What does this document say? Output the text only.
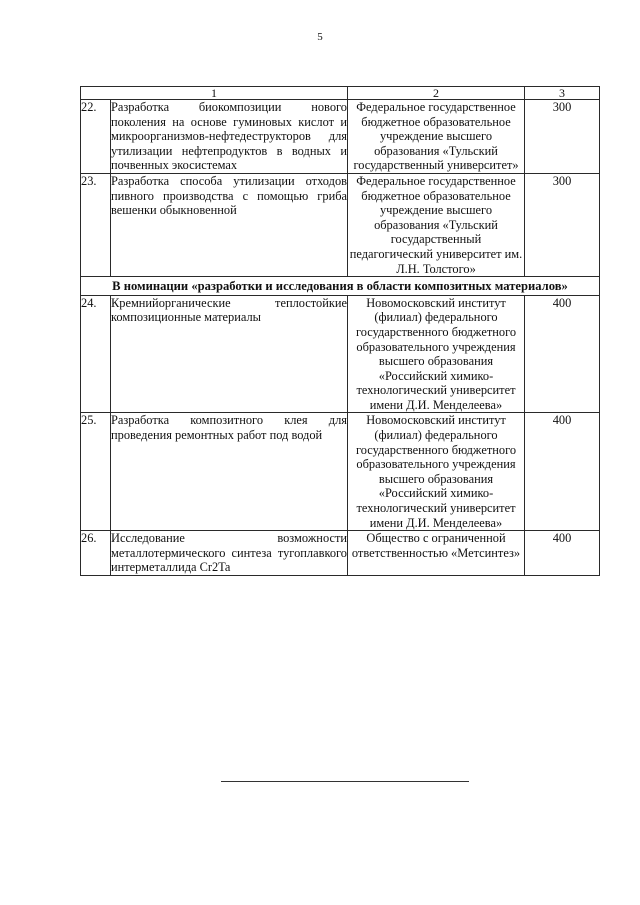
5
1		2	3
22.	Разработка биокомпозиции нового поколения на основе гуминовых кислот и микроорганизмов-нефтедеструкторов для утилизации нефтепродуктов в водных и почвенных экосистемах	Федеральное государственное бюджетное образовательное учреждение высшего образования «Тульский государственный университет»	300
23.	Разработка способа утилизации отходов пивного производства с помощью гриба вешенки обыкновенной	Федеральное государственное бюджетное образовательное учреждение высшего образования «Тульский государственный педагогический университет им. Л.Н. Толстого»	300
В номинации «разработки и исследования в области композитных материалов»			
24.	Кремнийорганические теплостойкие композиционные материалы	Новомосковский институт (филиал) федерального государственного бюджетного образовательного учреждения высшего образования «Российский химико-технологический университет имени Д.И. Менделеева»	400
25.	Разработка композитного клея для проведения ремонтных работ под водой	Новомосковский институт (филиал) федерального государственного бюджетного образовательного учреждения высшего образования «Российский химико-технологический университет имени Д.И. Менделеева»	400
26.	Исследование возможности металлотермического синтеза тугоплавкого интерметаллида Cr2Ta	Общество с ограниченной ответственностью «Метсинтез»	400
